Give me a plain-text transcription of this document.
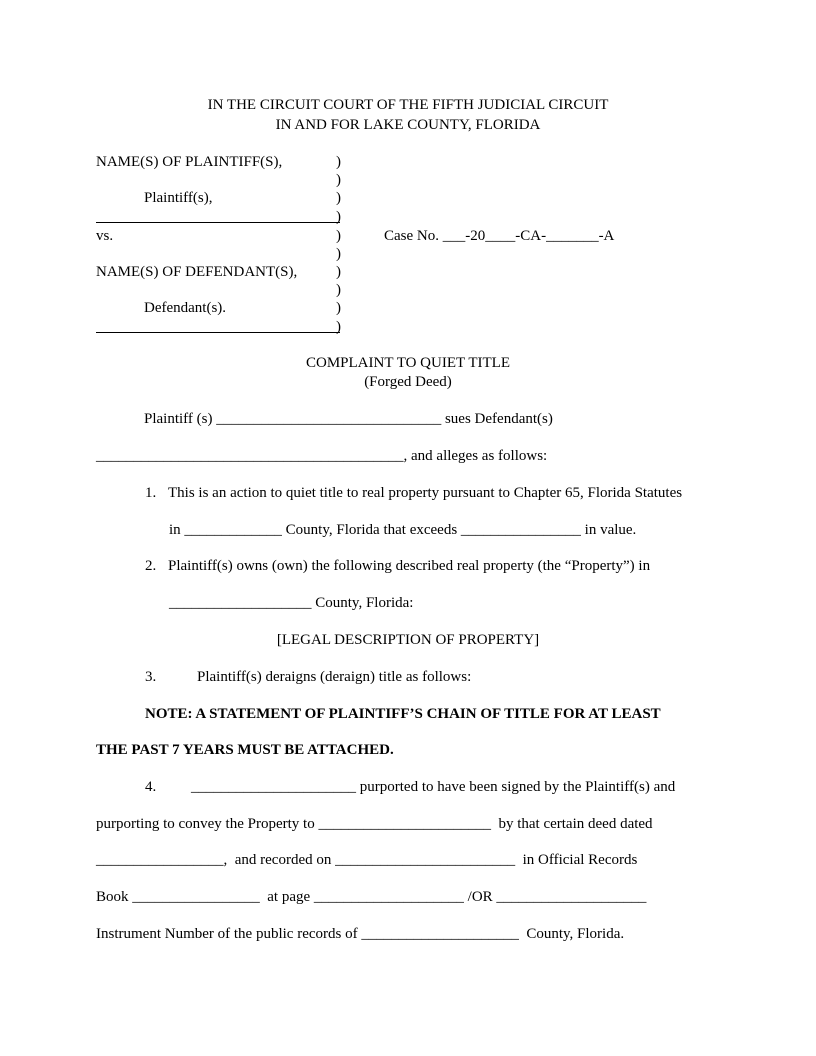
IN THE CIRCUIT COURT OF THE FIFTH JUDICIAL CIRCUIT
IN AND FOR LAKE COUNTY, FLORIDA
NAME(S) OF PLAINTIFF(S),
Plaintiff(s),
vs.
NAME(S) OF DEFENDANT(S),
Defendant(s).
)
)
)
)
)
)
)
)
)
)
Case No. ___-20____-CA-_______-A
COMPLAINT TO QUIET TITLE
(Forged Deed)
Plaintiff (s) ______________________________ sues Defendant(s)
_________________________________________, and alleges as follows:
1. This is an action to quiet title to real property pursuant to Chapter 65, Florida Statutes
in _____________ County, Florida that exceeds ________________ in value.
2. Plaintiff(s) owns (own) the following described real property (the “Property”) in
___________________ County, Florida:
[LEGAL DESCRIPTION OF PROPERTY]
3.	Plaintiff(s) deraigns (deraign) title as follows:
NOTE: A STATEMENT OF PLAINTIFF’S CHAIN OF TITLE FOR AT LEAST
THE PAST 7 YEARS MUST BE ATTACHED.
4. ______________________ purported to have been signed by the Plaintiff(s) and
purporting to convey the Property to _______________________  by that certain deed dated
_________________,  and recorded on ________________________  in Official Records
Book _________________  at page ____________________ /OR ____________________
Instrument Number of the public records of _____________________  County, Florida.
